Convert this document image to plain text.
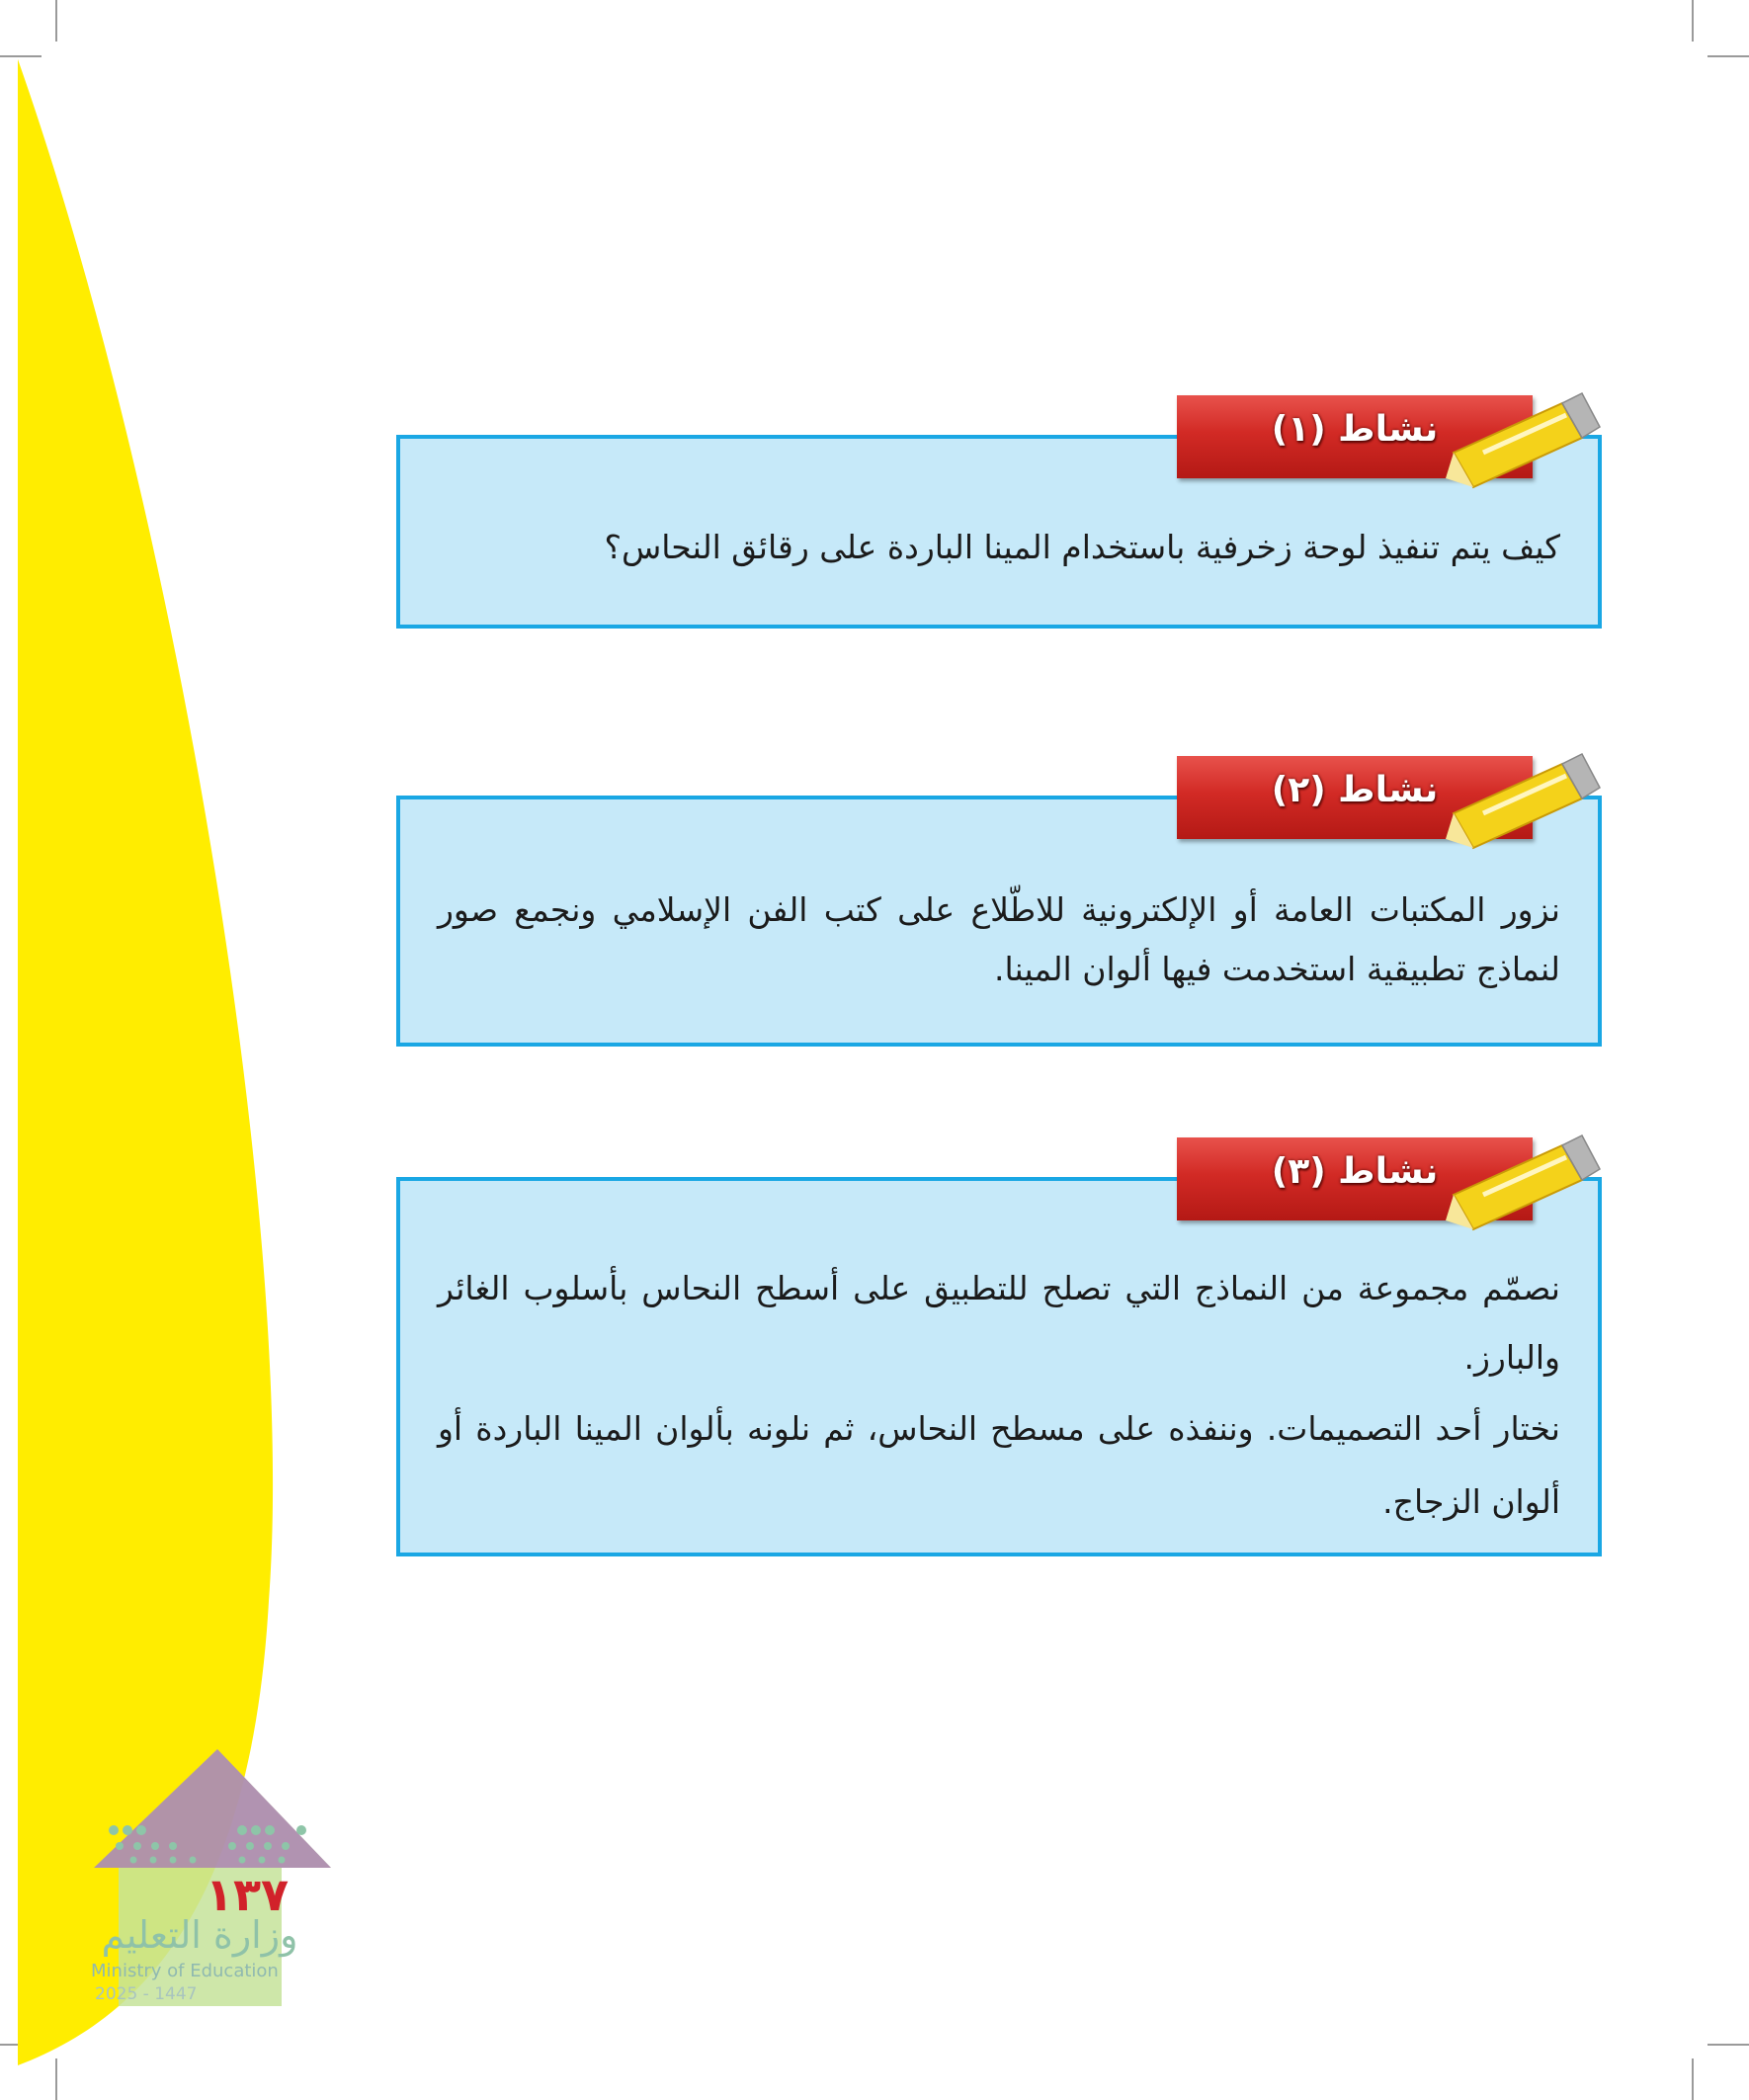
كيف يتم تنفيذ لوحة زخرفية باستخدام المينا الباردة على رقائق النحاس؟

نشاط (١)

نزور المكتبات العامة أو الإلكترونية للاطّلاع على كتب الفن الإسلامي ونجمع صور لنماذج تطبيقية استخدمت فيها ألوان المينا.

نشاط (٢)

نصمّم مجموعة من النماذج التي تصلح للتطبيق على أسطح النحاس بأسلوب الغائر والبارز.

نختار أحد التصميمات. وننفذه على مسطح النحاس، ثم نلونه بألوان المينا الباردة أو ألوان الزجاج.

نشاط (٣)
١٣٧
وزارة التعليم
Ministry of Education
2025 - 1447
